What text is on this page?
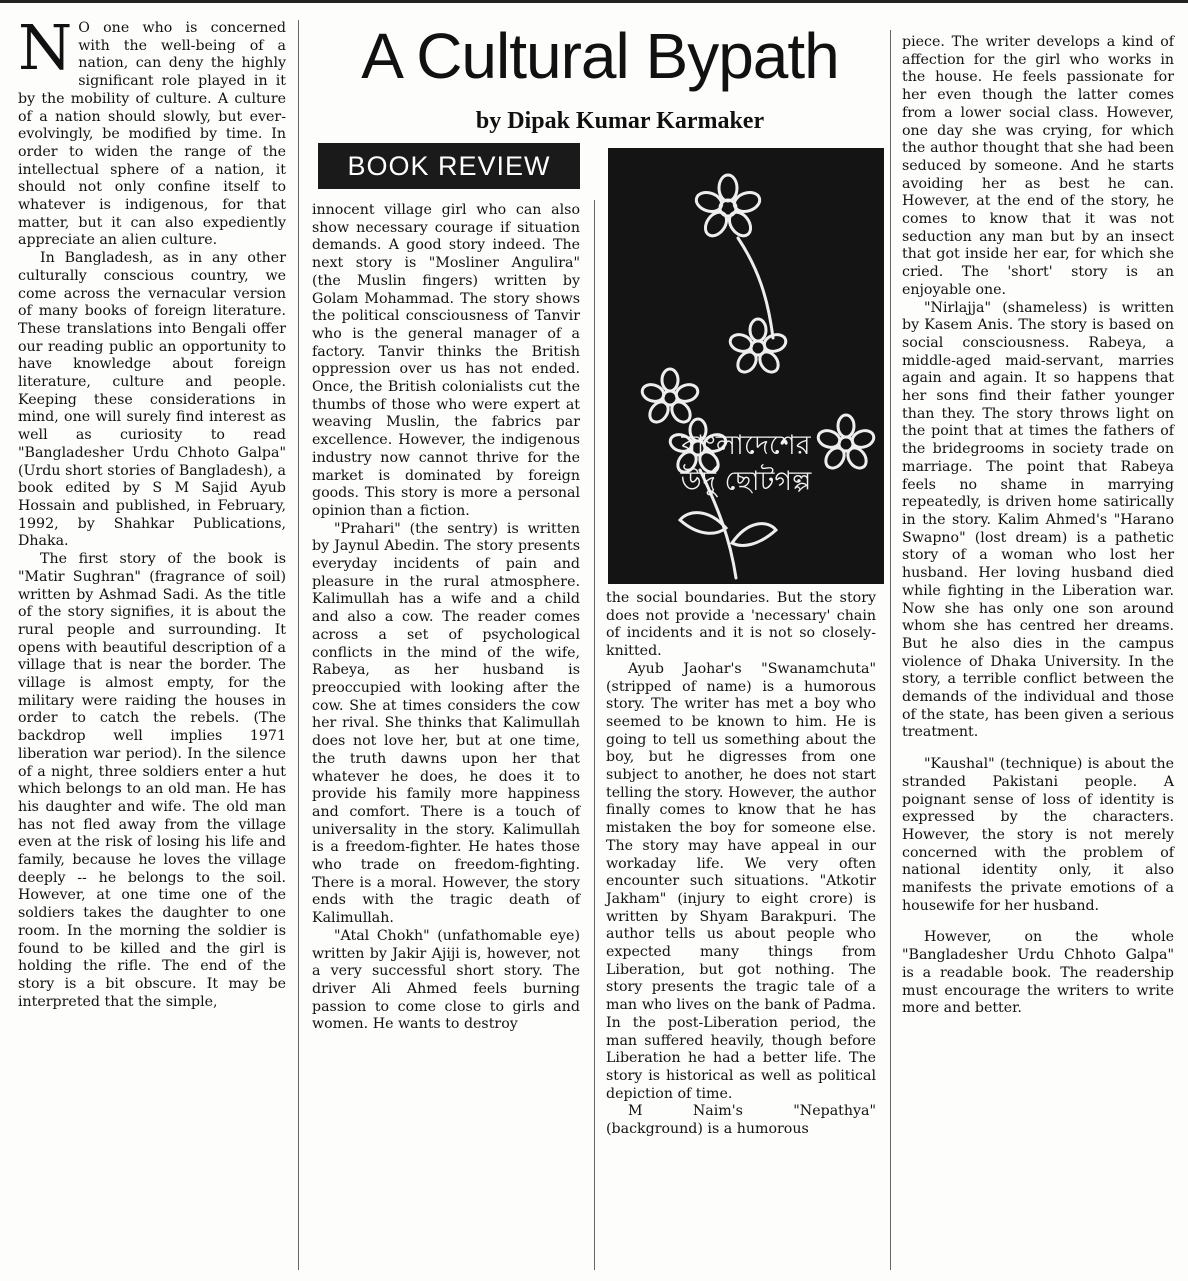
N O one who is concerned with the well-being of a nation, can deny the highly significant role played in it by the mobility of culture. A culture of a nation should slowly, but ever-evolvingly, be modified by time. In order to widen the range of the intellectual sphere of a nation, it should not only confine itself to whatever is indigenous, for that matter, but it can also expediently appreciate an alien culture.

In Bangladesh, as in any other culturally conscious country, we come across the vernacular version of many books of foreign literature. These translations into Bengali offer our reading public an opportunity to have knowledge about foreign literature, culture and people. Keeping these considerations in mind, one will surely find interest as well as curiosity to read "Bangladesher Urdu Chhoto Galpa" (Urdu short stories of Bangladesh), a book edited by S M Sajid Ayub Hossain and published, in February, 1992, by Shahkar Publications, Dhaka.

The first story of the book is "Matir Sughran" (fragrance of soil) written by Ashmad Sadi. As the title of the story signifies, it is about the rural people and surrounding. It opens with beautiful description of a village that is near the border. The village is almost empty, for the military were raiding the houses in order to catch the rebels. (The backdrop well implies 1971 liberation war period). In the silence of a night, three soldiers enter a hut which belongs to an old man. He has his daughter and wife. The old man has not fled away from the village even at the risk of losing his life and family, because he loves the village deeply -- he belongs to the soil. However, at one time one of the soldiers takes the daughter to one room. In the morning the soldier is found to be killed and the girl is holding the rifle. The end of the story is a bit obscure. It may be interpreted that the simple,

A Cultural Bypath
by Dipak Kumar Karmaker
BOOK REVIEW
বাংলাদেশের
উর্দু ছোটগল্প

innocent village girl who can also show necessary courage if situation demands. A good story indeed. The next story is "Mosliner Angulira" (the Muslin fingers) written by Golam Mohammad. The story shows the political consciousness of Tanvir who is the general manager of a factory. Tanvir thinks the British oppression over us has not ended. Once, the British colonialists cut the thumbs of those who were expert at weaving Muslin, the fabrics par excellence. However, the indigenous industry now cannot thrive for the market is dominated by foreign goods. This story is more a personal opinion than a fiction.

"Prahari" (the sentry) is written by Jaynul Abedin. The story presents everyday incidents of pain and pleasure in the rural atmosphere. Kalimullah has a wife and a child and also a cow. The reader comes across a set of psychological conflicts in the mind of the wife, Rabeya, as her husband is preoccupied with looking after the cow. She at times considers the cow her rival. She thinks that Kalimullah does not love her, but at one time, the truth dawns upon her that whatever he does, he does it to provide his family more happiness and comfort. There is a touch of universality in the story. Kalimullah is a freedom-fighter. He hates those who trade on freedom-fighting. There is a moral. However, the story ends with the tragic death of Kalimullah.

"Atal Chokh" (unfathomable eye) written by Jakir Ajiji is, however, not a very successful short story. The driver Ali Ahmed feels burning passion to come close to girls and women. He wants to destroy

the social boundaries. But the story does not provide a 'necessary' chain of incidents and it is not so closely-knitted.

Ayub Jaohar's "Swanamchuta" (stripped of name) is a humorous story. The writer has met a boy who seemed to be known to him. He is going to tell us something about the boy, but he digresses from one subject to another, he does not start telling the story. However, the author finally comes to know that he has mistaken the boy for someone else. The story may have appeal in our workaday life. We very often encounter such situations. "Atkotir Jakham" (injury to eight crore) is written by Shyam Barakpuri. The author tells us about people who expected many things from Liberation, but got nothing. The story presents the tragic tale of a man who lives on the bank of Padma. In the post-Liberation period, the man suffered heavily, though before Liberation he had a better life. The story is historical as well as political depiction of time.

M Naim's "Nepathya" (background) is a humorous

piece. The writer develops a kind of affection for the girl who works in the house. He feels passionate for her even though the latter comes from a lower social class. However, one day she was crying, for which the author thought that she had been seduced by someone. And he starts avoiding her as best he can. However, at the end of the story, he comes to know that it was not seduction any man but by an insect that got inside her ear, for which she cried. The 'short' story is an enjoyable one.

"Nirlajja" (shameless) is written by Kasem Anis. The story is based on social consciousness. Rabeya, a middle-aged maid-servant, marries again and again. It so happens that her sons find their father younger than they. The story throws light on the point that at times the fathers of the bridegrooms in society trade on marriage. The point that Rabeya feels no shame in marrying repeatedly, is driven home satirically in the story. Kalim Ahmed's "Harano Swapno" (lost dream) is a pathetic story of a woman who lost her husband. Her loving husband died while fighting in the Liberation war. Now she has only one son around whom she has centred her dreams. But he also dies in the campus violence of Dhaka University. In the story, a terrible conflict between the demands of the individual and those of the state, has been given a serious treatment.

"Kaushal" (technique) is about the stranded Pakistani people. A poignant sense of loss of identity is expressed by the characters. However, the story is not merely concerned with the problem of national identity only, it also manifests the private emotions of a housewife for her husband.

However, on the whole "Bangladesher Urdu Chhoto Galpa" is a readable book. The readership must encourage the writers to write more and better.
